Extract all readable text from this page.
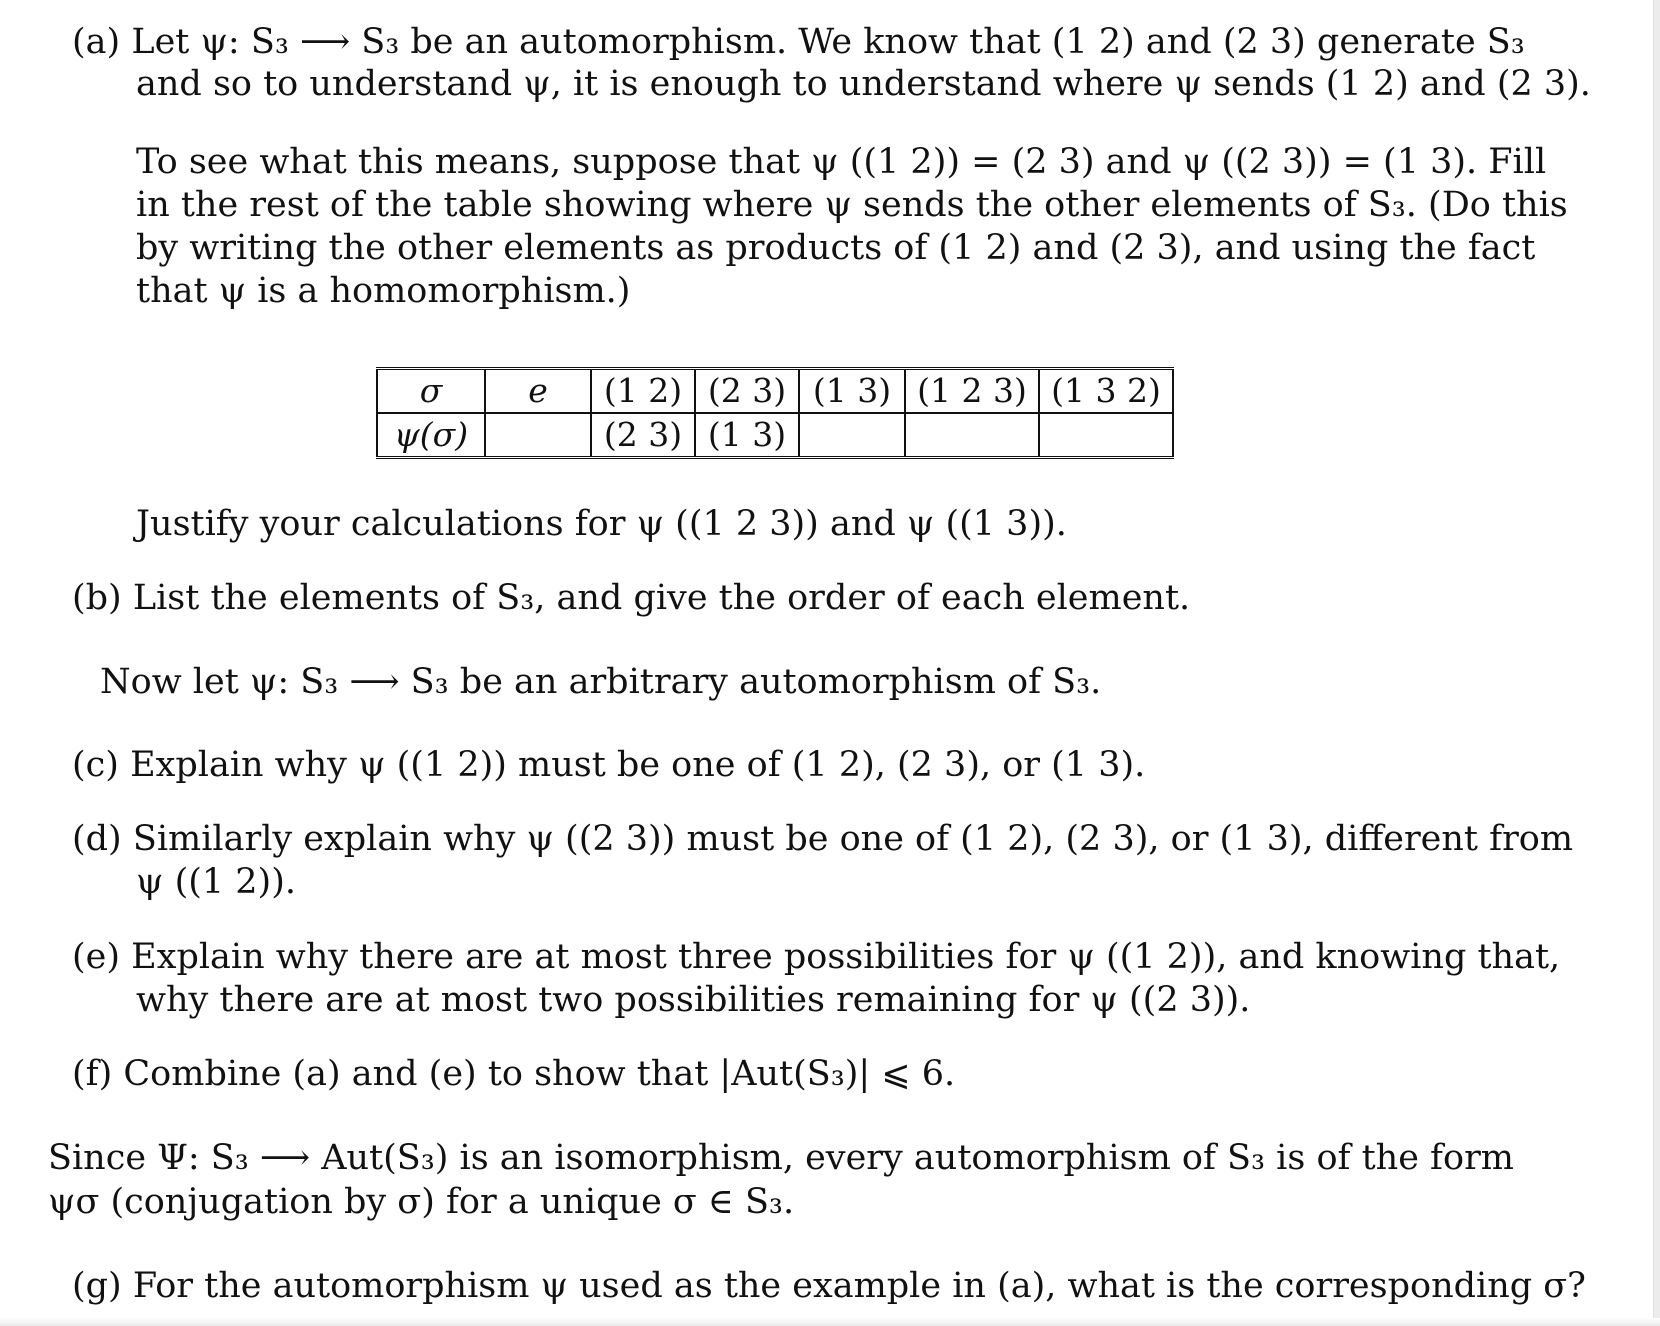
(a) Let ψ: S₃ ⟶ S₃ be an automorphism. We know that (1 2) and (2 3) generate S₃
and so to understand ψ, it is enough to understand where ψ sends (1 2) and (2 3).
To see what this means, suppose that ψ ((1 2)) = (2 3) and ψ ((2 3)) = (1 3). Fill
in the rest of the table showing where ψ sends the other elements of S₃. (Do this
by writing the other elements as products of (1 2) and (2 3), and using the fact
that ψ is a homomorphism.)
σ	e	(1 2)	(2 3)	(1 3)	(1 2 3)	(1 3 2)
ψ(σ)		(2 3)	(1 3)			
Justify your calculations for ψ ((1 2 3)) and ψ ((1 3)).
(b) List the elements of S₃, and give the order of each element.
Now let ψ: S₃ ⟶ S₃ be an arbitrary automorphism of S₃.
(c) Explain why ψ ((1 2)) must be one of (1 2), (2 3), or (1 3).
(d) Similarly explain why ψ ((2 3)) must be one of (1 2), (2 3), or (1 3), different from
ψ ((1 2)).
(e) Explain why there are at most three possibilities for ψ ((1 2)), and knowing that,
why there are at most two possibilities remaining for ψ ((2 3)).
(f) Combine (a) and (e) to show that |Aut(S₃)| ⩽ 6.
Since Ψ: S₃ ⟶ Aut(S₃) is an isomorphism, every automorphism of S₃ is of the form
ψσ (conjugation by σ) for a unique σ ∈ S₃.
(g) For the automorphism ψ used as the example in (a), what is the corresponding σ?
